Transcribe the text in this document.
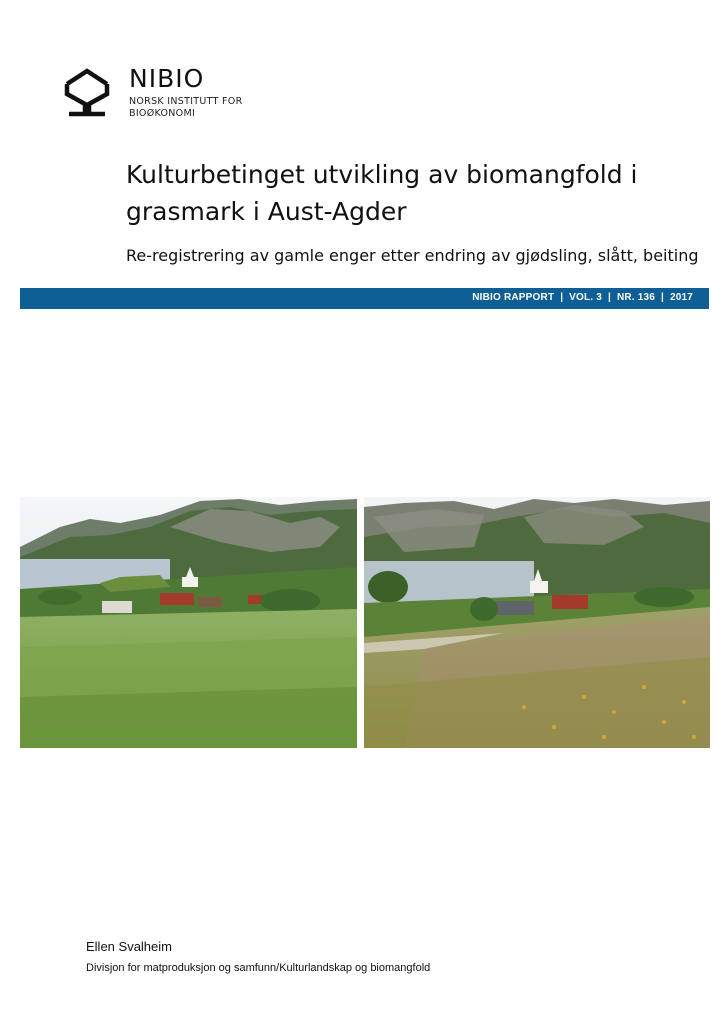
NIBIO
NORSK INSTITUTT FOR
BIOØKONOMI
Kulturbetinget utvikling av biomangfold i
grasmark i Aust-Agder

Re-registrering av gamle enger etter endring av gjødsling, slått, beiting

NIBIO RAPPORT  |  VOL. 3  |  NR. 136  |  2017
Ellen Svalheim
Divisjon for matproduksjon og samfunn/Kulturlandskap og biomangfold
